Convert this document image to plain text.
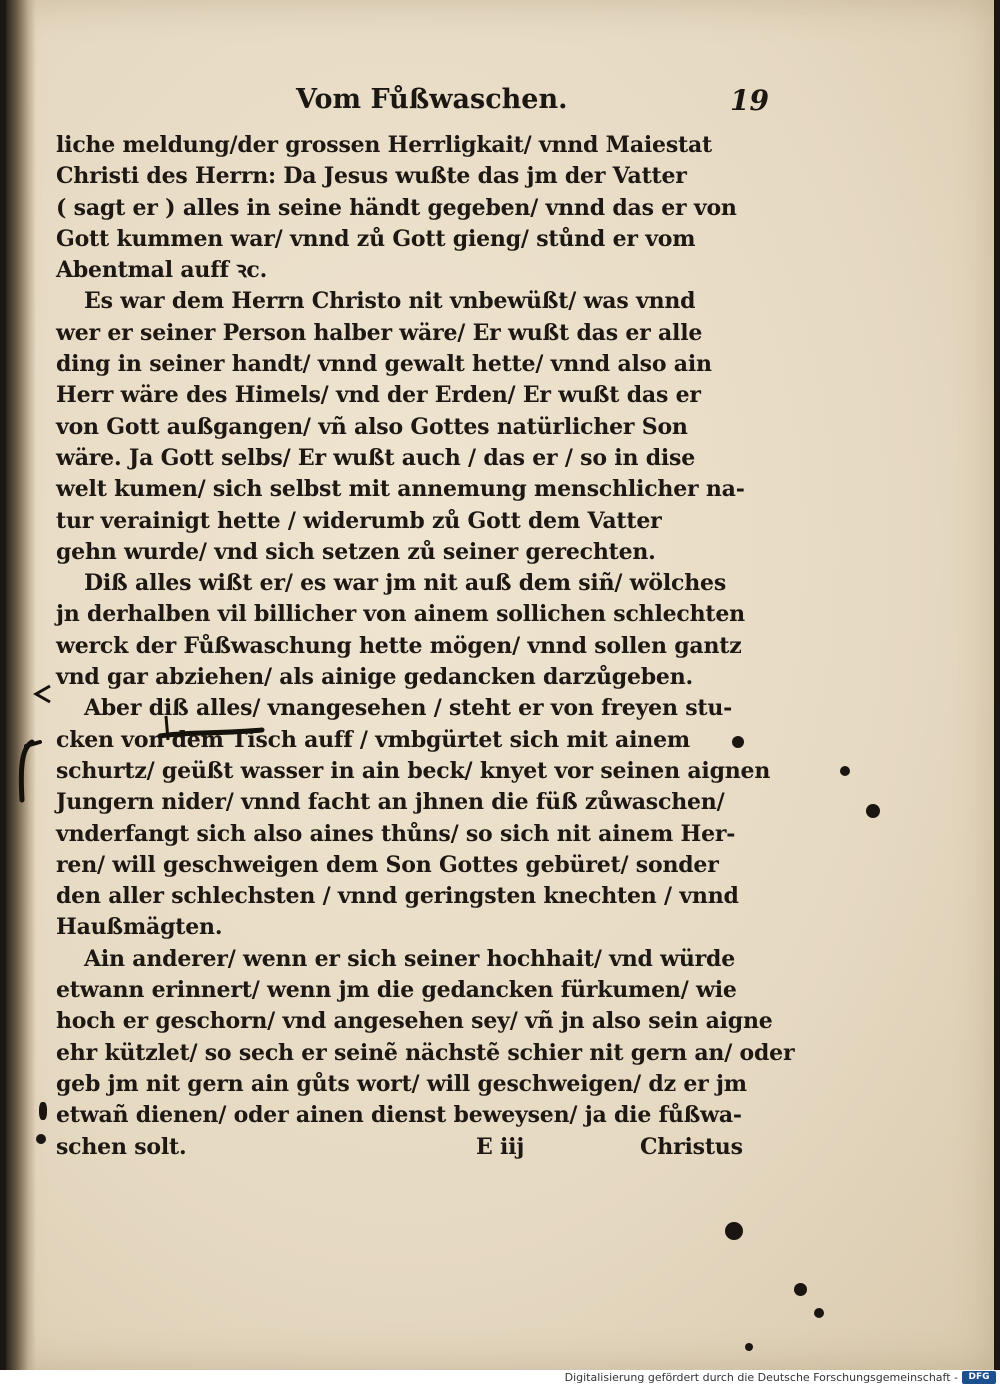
Vom Fůßwaschen.	19
liche meldung/der grossen Herrligkait/ vnnd Maiestat
Christi des Herrn: Da Jesus wußte das jm der Vatter
( sagt er ) alles in seine händt gegeben/ vnnd das er von
Gott kummen war/ vnnd zů Gott gieng/ stůnd er vom
Abentmal auff ꝛc.
Es war dem Herrn Christo nit vnbewüßt/ was vnnd
wer er seiner Person halber wäre/ Er wußt das er alle
ding in seiner handt/ vnnd gewalt hette/ vnnd also ain
Herr wäre des Himels/ vnd der Erden/ Er wußt das er
von Gott außgangen/ vñ also Gottes natürlicher Son
wäre. Ja Gott selbs/ Er wußt auch / das er / so in dise
welt kumen/ sich selbst mit annemung menschlicher na-
tur verainigt hette / widerumb zů Gott dem Vatter
gehn wurde/ vnd sich setzen zů seiner gerechten.
Diß alles wißt er/ es war jm nit auß dem siñ/ wölches
jn derhalben vil billicher von ainem sollichen schlechten
werck der Fůßwaschung hette mögen/ vnnd sollen gantz
vnd gar abziehen/ als ainige gedancken darzůgeben.
Aber diß alles/ vnangesehen / steht er von freyen stu-
cken von dem Tisch auff / vmbgürtet sich mit ainem
schurtz/ geüßt wasser in ain beck/ knyet vor seinen aignen
Jungern nider/ vnnd facht an jhnen die füß zůwaschen/
vnderfangt sich also aines thůns/ so sich nit ainem Her-
ren/ will geschweigen dem Son Gottes gebüret/ sonder
den aller schlechsten / vnnd geringsten knechten / vnnd
Haußmägten.
Ain anderer/ wenn er sich seiner hochhait/ vnd würde
etwann erinnert/ wenn jm die gedancken fürkumen/ wie
hoch er geschorn/ vnd angesehen sey/ vñ jn also sein aigne
ehr kützlet/ so sech er seinẽ nächstẽ schier nit gern an/ oder
geb jm nit gern ain gůts wort/ will geschweigen/ dz er jm
etwañ dienen/ oder ainen dienst beweysen/ ja die fůßwa-
schen solt.	E iij	Christus
Digitalisierung gefördert durch die Deutsche Forschungsgemeinschaft -	DFG
